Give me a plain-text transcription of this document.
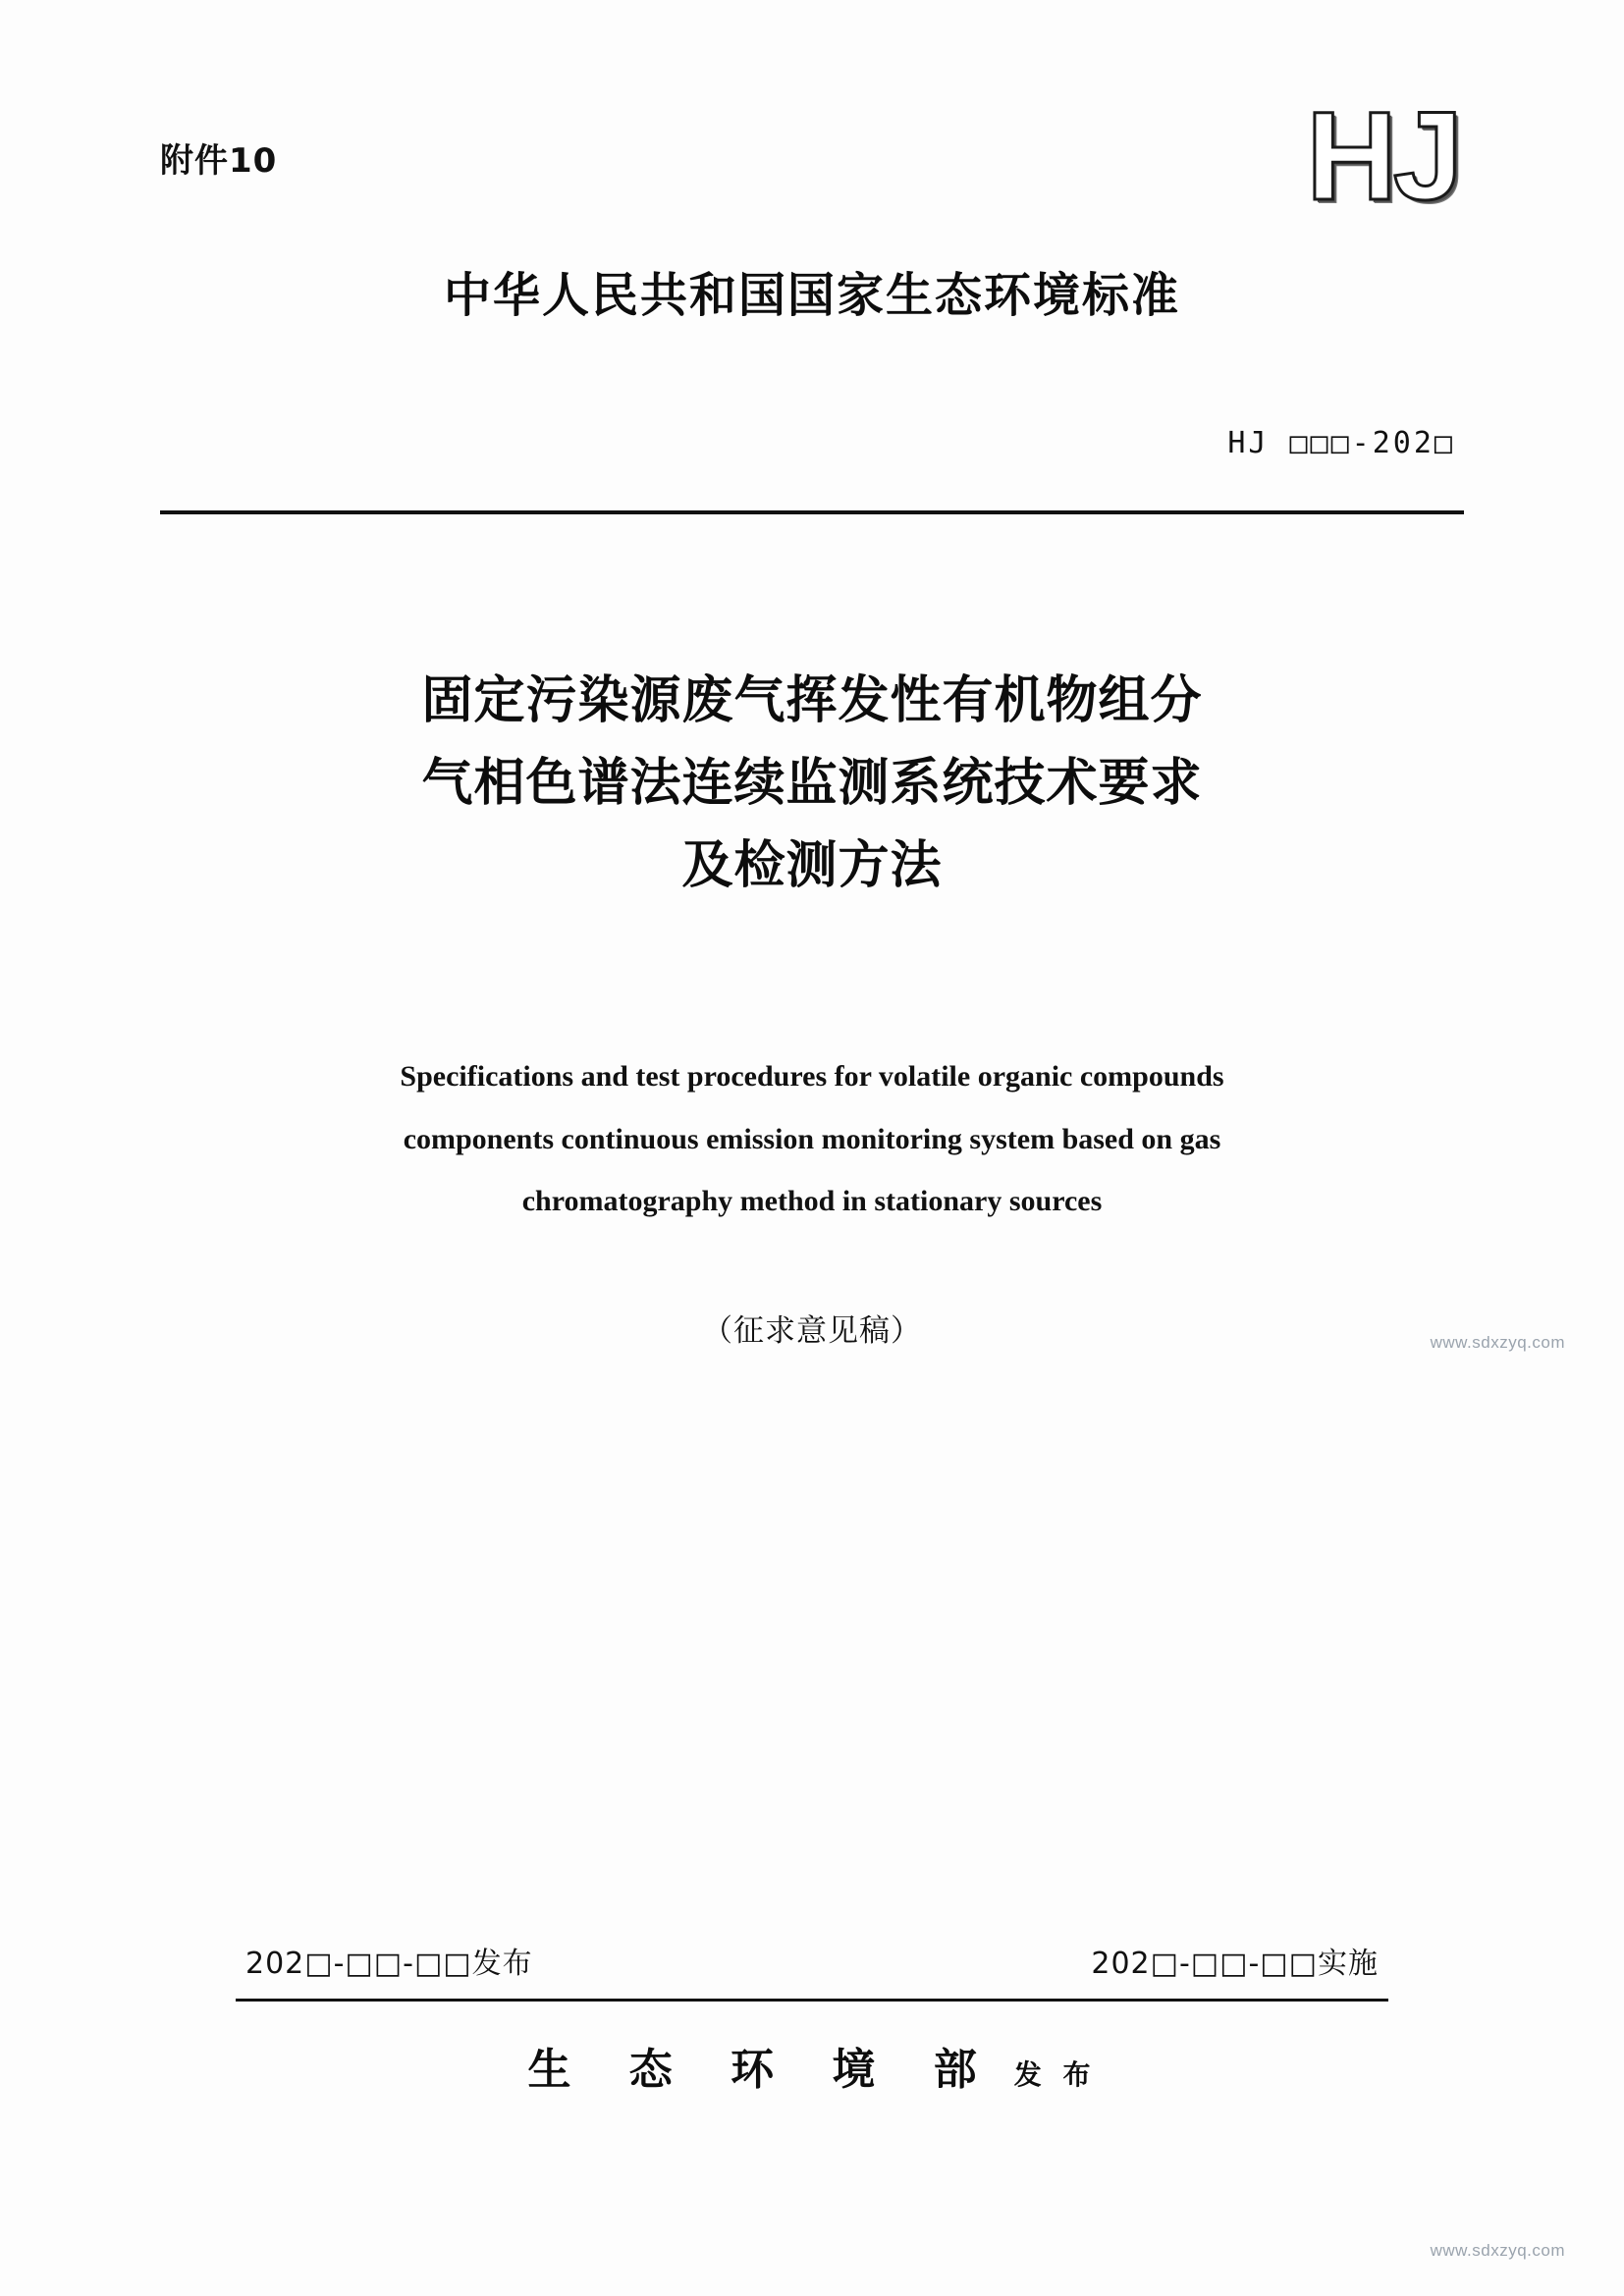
附件10	HJ
中华人民共和国国家生态环境标准
HJ □□□-202□
固定污染源废气挥发性有机物组分
气相色谱法连续监测系统技术要求
及检测方法
Specifications and test procedures for volatile organic compounds
components continuous emission monitoring system based on gas
chromatography method in stationary sources
（征求意见稿）
202□-□□-□□发布	202□-□□-□□实施
生 态 环 境 部 发 布
www.sdxzyq.com
www.sdxzyq.com
